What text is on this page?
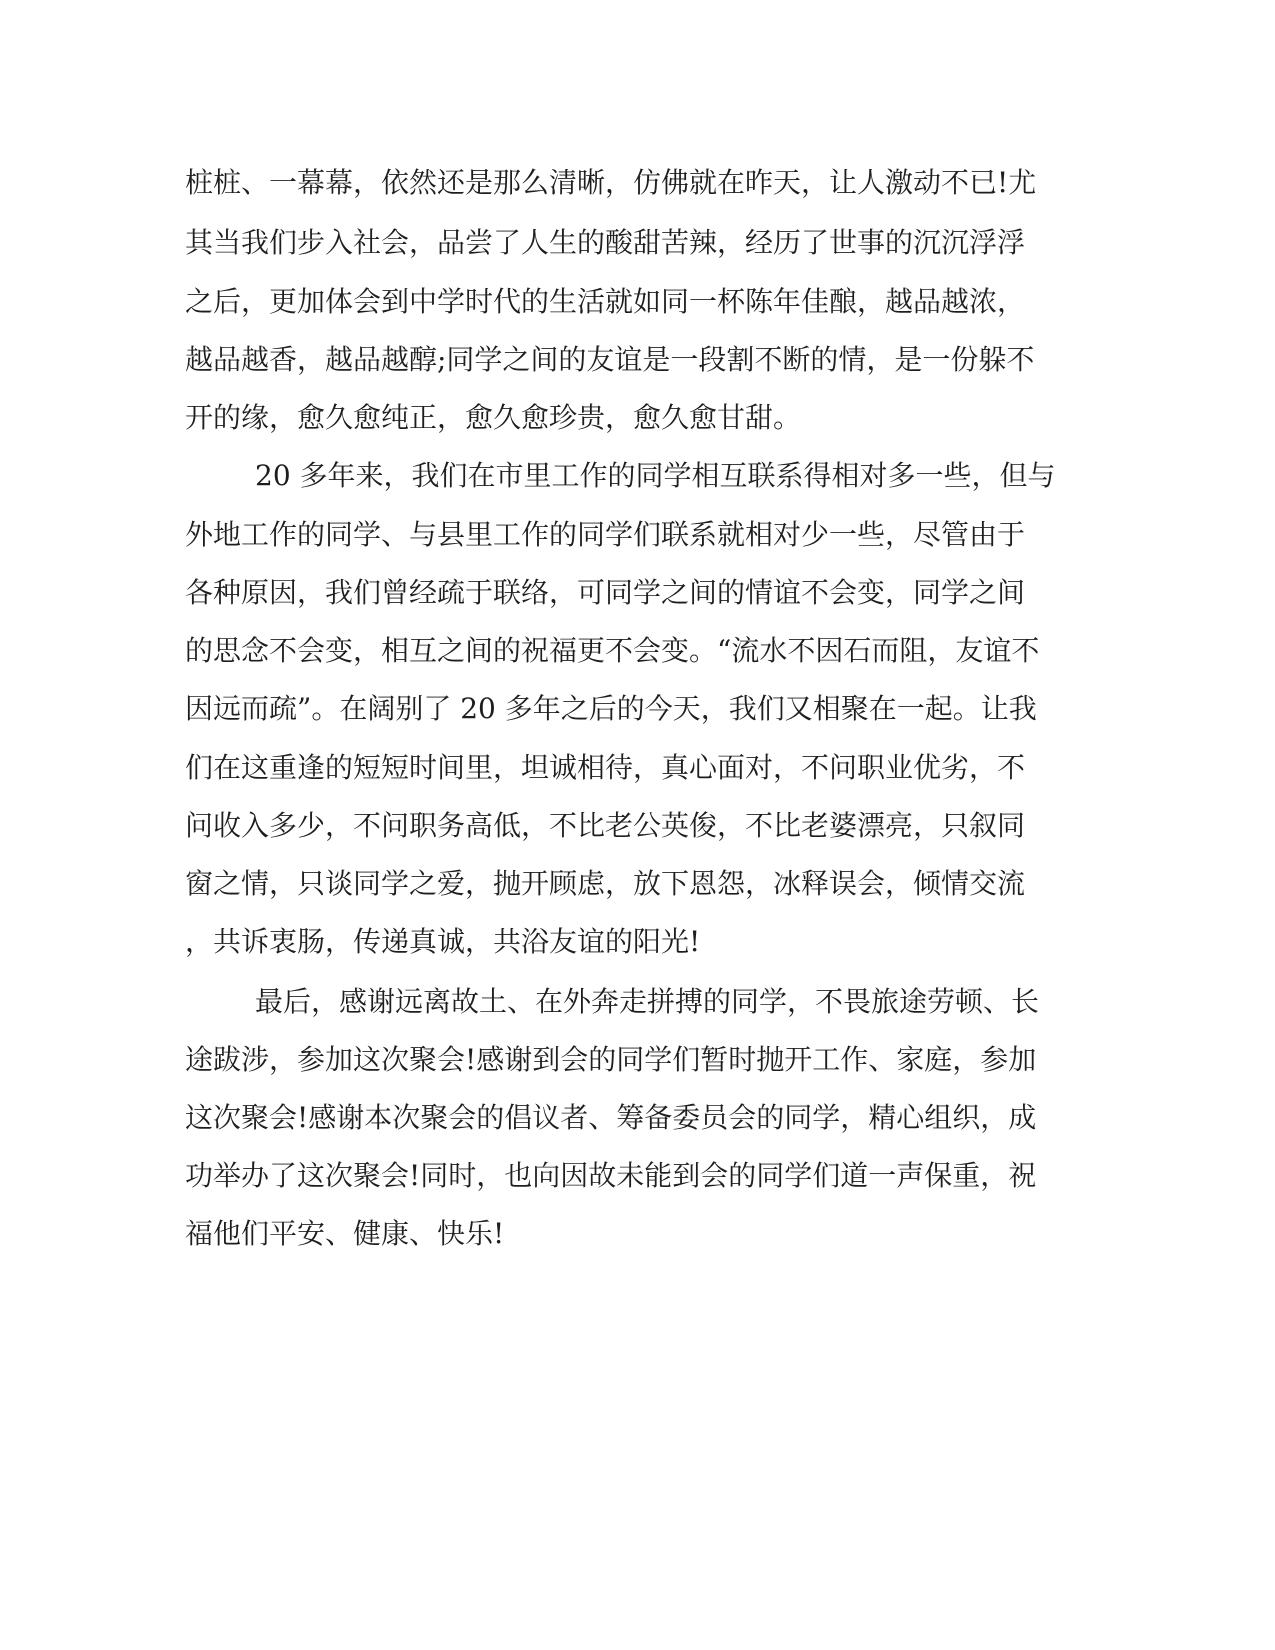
桩桩、一幕幕，依然还是那么清晰，仿佛就在昨天，让人激动不已!尤
其当我们步入社会，品尝了人生的酸甜苦辣，经历了世事的沉沉浮浮
之后，更加体会到中学时代的生活就如同一杯陈年佳酿，越品越浓，
越品越香，越品越醇;同学之间的友谊是一段割不断的情，是一份躲不
开的缘，愈久愈纯正，愈久愈珍贵，愈久愈甘甜。
20 多年来，我们在市里工作的同学相互联系得相对多一些，但与
外地工作的同学、与县里工作的同学们联系就相对少一些，尽管由于
各种原因，我们曾经疏于联络，可同学之间的情谊不会变，同学之间
的思念不会变，相互之间的祝福更不会变。“流水不因石而阻，友谊不
因远而疏”。在阔别了 20 多年之后的今天，我们又相聚在一起。让我
们在这重逢的短短时间里，坦诚相待，真心面对，不问职业优劣，不
问收入多少，不问职务高低，不比老公英俊，不比老婆漂亮，只叙同
窗之情，只谈同学之爱，抛开顾虑，放下恩怨，冰释误会，倾情交流
，共诉衷肠，传递真诚，共浴友谊的阳光!
最后，感谢远离故土、在外奔走拼搏的同学，不畏旅途劳顿、长
途跋涉，参加这次聚会!感谢到会的同学们暂时抛开工作、家庭，参加
这次聚会!感谢本次聚会的倡议者、筹备委员会的同学，精心组织，成
功举办了这次聚会!同时，也向因故未能到会的同学们道一声保重，祝
福他们平安、健康、快乐!
